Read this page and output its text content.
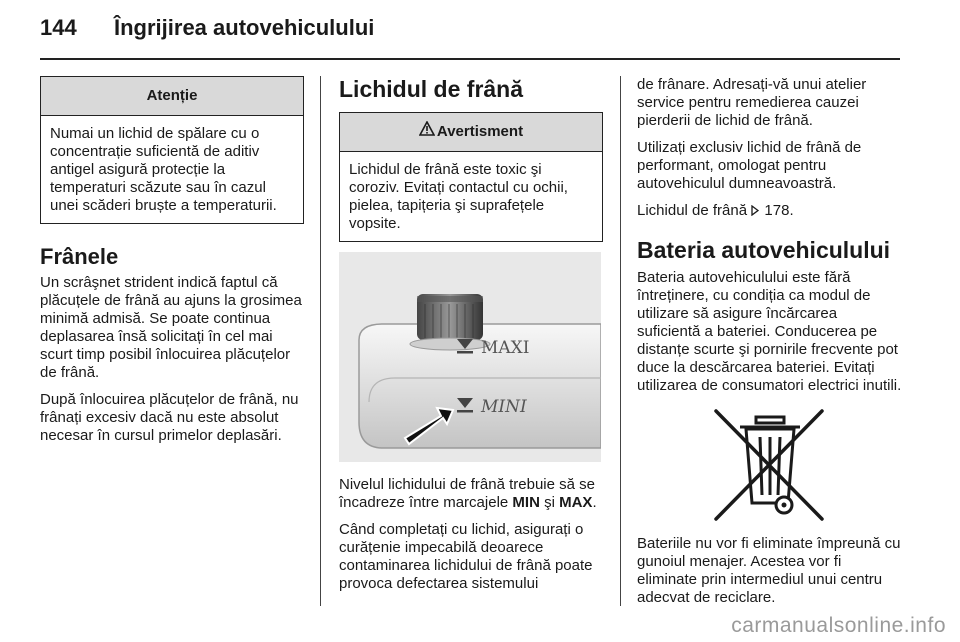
144 Îngrijirea autovehiculului
Atenție

Numai un lichid de spălare cu o concentrație suficientă de aditiv antigel asigură protecție la temperaturi scăzute sau în cazul unei scăderi bruște a temperaturii.

Frânele

Un scrâşnet strident indică faptul că plăcuțele de frână au ajuns la grosimea minimă admisă. Se poate continua deplasarea însă solicitați în cel mai scurt timp posibil înlocuirea plăcuțelor de frână.

După înlocuirea plăcuțelor de frână, nu frânați excesiv dacă nu este absolut necesar în cursul primelor deplasări.

Lichidul de frână
Avertisment

Lichidul de frână este toxic şi coroziv. Evitați contactul cu ochii, pielea, tapițeria şi suprafețele vopsite.

MAXI
MINI

Nivelul lichidului de frână trebuie să se încadreze între marcajele MIN şi MAX.

Când completați cu lichid, asigurați o curățenie impecabilă deoarece contaminarea lichidului de frână poate provoca defectarea sistemului

de frânare. Adresați-vă unui atelier service pentru remedierea cauzei pierderii de lichid de frână.

Utilizați exclusiv lichid de frână de performant, omologat pentru autovehiculul dumneavoastră.

Lichidul de frână 178.

Bateria autovehiculului

Bateria autovehiculului este fără întreținere, cu condiția ca modul de utilizare să asigure încărcarea suficientă a bateriei. Conducerea pe distanțe scurte şi pornirile frecvente pot duce la descărcarea bateriei. Evitați utilizarea de consumatori electrici inutili.

Bateriile nu vor fi eliminate împreună cu gunoiul menajer. Acestea vor fi eliminate prin intermediul unui centru adecvat de reciclare.

carmanualsonline.info
